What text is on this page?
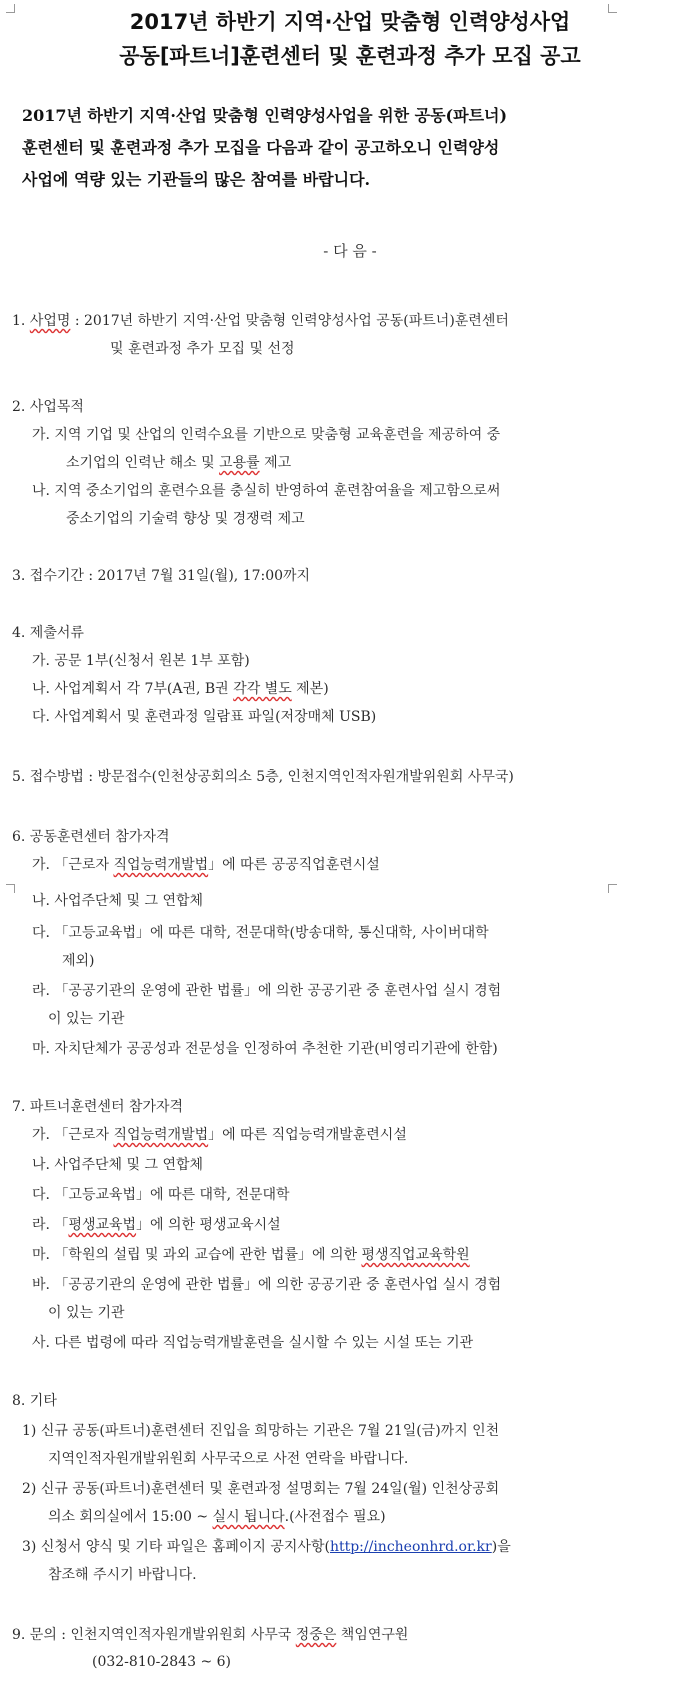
2017년 하반기 지역·산업 맞춤형 인력양성사업
공동[파트너]훈련센터 및 훈련과정 추가 모집 공고
2017년 하반기 지역·산업 맞춤형 인력양성사업을 위한 공동(파트너)
훈련센터 및 훈련과정 추가 모집을 다음과 같이 공고하오니 인력양성
사업에 역량 있는 기관들의 많은 참여를 바랍니다.
- 다 음 -
1. 사업명 : 2017년 하반기 지역·산업 맞춤형 인력양성사업 공동(파트너)훈련센터
및 훈련과정 추가 모집 및 선정
2. 사업목적
가. 지역 기업 및 산업의 인력수요를 기반으로 맞춤형 교육훈련을 제공하여 중
소기업의 인력난 해소 및 고용률 제고
나. 지역 중소기업의 훈련수요를 충실히 반영하여 훈련참여율을 제고함으로써
중소기업의 기술력 향상 및 경쟁력 제고
3. 접수기간 : 2017년 7월 31일(월), 17:00까지
4. 제출서류
가. 공문 1부(신청서 원본 1부 포함)
나. 사업계획서 각 7부(A권, B권 각각 별도 제본)
다. 사업계획서 및 훈련과정 일람표 파일(저장매체 USB)
5. 접수방법 : 방문접수(인천상공회의소 5층, 인천지역인적자원개발위원회 사무국)
6. 공동훈련센터 참가자격
가. 「근로자 직업능력개발법」에 따른 공공직업훈련시설
나. 사업주단체 및 그 연합체
다. 「고등교육법」에 따른 대학, 전문대학(방송대학, 통신대학, 사이버대학
제외)
라. 「공공기관의 운영에 관한 법률」에 의한 공공기관 중 훈련사업 실시 경험
이 있는 기관
마. 자치단체가 공공성과 전문성을 인정하여 추천한 기관(비영리기관에 한함)
7. 파트너훈련센터 참가자격
가. 「근로자 직업능력개발법」에 따른 직업능력개발훈련시설
나. 사업주단체 및 그 연합체
다. 「고등교육법」에 따른 대학, 전문대학
라. 「평생교육법」에 의한 평생교육시설
마. 「학원의 설립 및 과외 교습에 관한 법률」에 의한 평생직업교육학원
바. 「공공기관의 운영에 관한 법률」에 의한 공공기관 중 훈련사업 실시 경험
이 있는 기관
사. 다른 법령에 따라 직업능력개발훈련을 실시할 수 있는 시설 또는 기관
8. 기타
1) 신규 공동(파트너)훈련센터 진입을 희망하는 기관은 7월 21일(금)까지 인천
지역인적자원개발위원회 사무국으로 사전 연락을 바랍니다.
2) 신규 공동(파트너)훈련센터 및 훈련과정 설명회는 7월 24일(월) 인천상공회
의소 회의실에서 15:00 ~ 실시 됩니다.(사전접수 필요)
3) 신청서 양식 및 기타 파일은 홈페이지 공지사항(http://incheonhrd.or.kr)을
참조해 주시기 바랍니다.
9. 문의 : 인천지역인적자원개발위원회 사무국 정중은 책임연구원
(032-810-2843 ~ 6)
